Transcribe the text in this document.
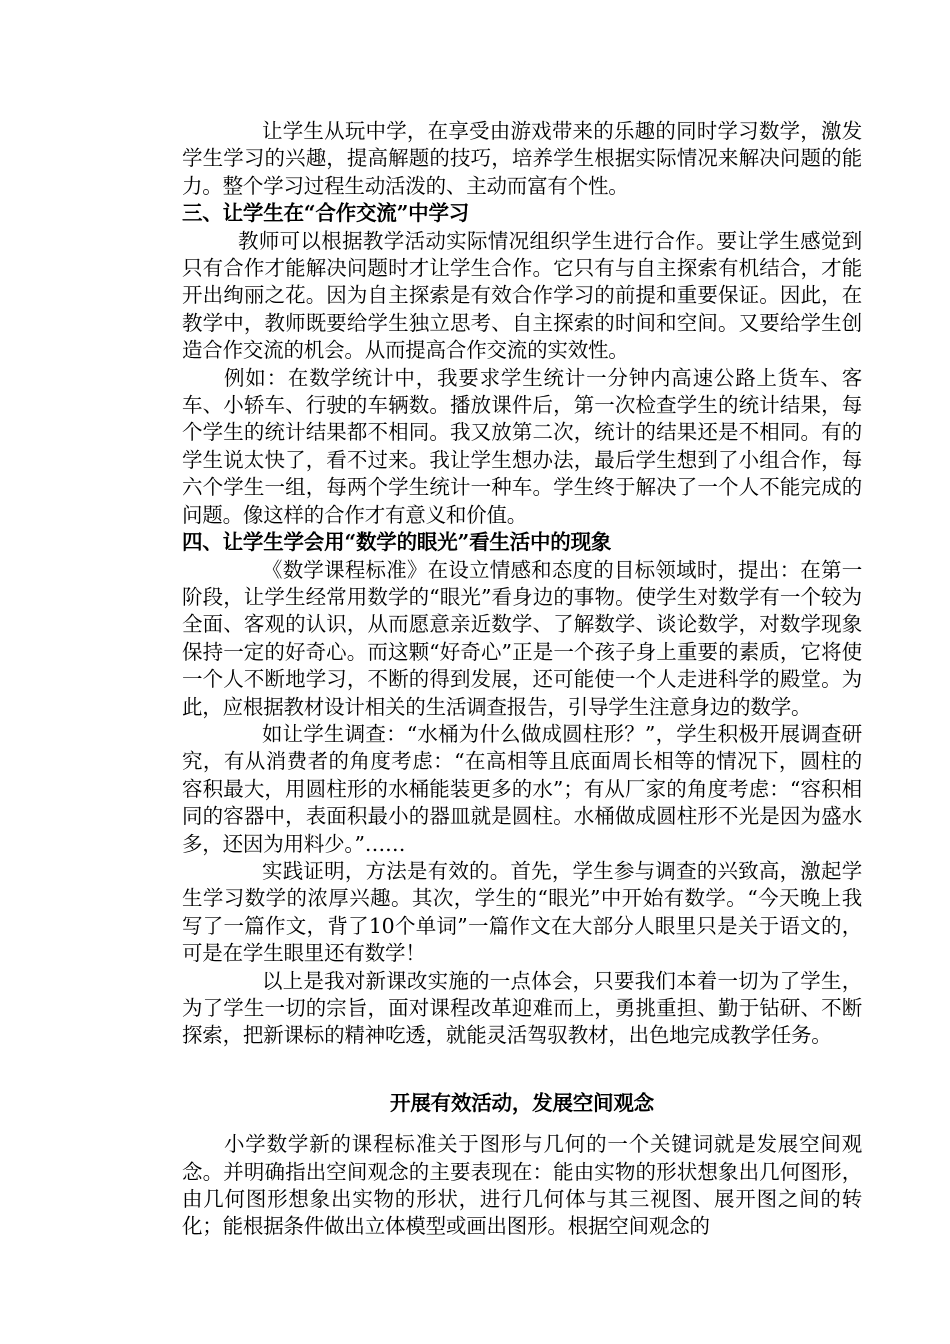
让学生从玩中学，在享受由游戏带来的乐趣的同时学习数学，激发学生学习的兴趣，提高解题的技巧，培养学生根据实际情况来解决问题的能力。整个学习过程生动活泼的、主动而富有个性。

三、让学生在“合作交流”中学习

教师可以根据教学活动实际情况组织学生进行合作。要让学生感觉到只有合作才能解决问题时才让学生合作。它只有与自主探索有机结合，才能开出绚丽之花。因为自主探索是有效合作学习的前提和重要保证。因此，在教学中，教师既要给学生独立思考、自主探索的时间和空间。又要给学生创造合作交流的机会。从而提高合作交流的实效性。

例如：在数学统计中，我要求学生统计一分钟内高速公路上货车、客车、小轿车、行驶的车辆数。播放课件后，第一次检查学生的统计结果，每个学生的统计结果都不相同。我又放第二次，统计的结果还是不相同。有的学生说太快了，看不过来。我让学生想办法，最后学生想到了小组合作，每六个学生一组，每两个学生统计一种车。学生终于解决了一个人不能完成的问题。像这样的合作才有意义和价值。

四、让学生学会用“数学的眼光”看生活中的现象

《数学课程标准》在设立情感和态度的目标领域时，提出：在第一阶段，让学生经常用数学的“眼光”看身边的事物。使学生对数学有一个较为全面、客观的认识，从而愿意亲近数学、了解数学、谈论数学，对数学现象保持一定的好奇心。而这颗“好奇心”正是一个孩子身上重要的素质，它将使一个人不断地学习，不断的得到发展，还可能使一个人走进科学的殿堂。为此，应根据教材设计相关的生活调查报告，引导学生注意身边的数学。

如让学生调查：“水桶为什么做成圆柱形？”，学生积极开展调查研究，有从消费者的角度考虑：“在高相等且底面周长相等的情况下，圆柱的容积最大，用圆柱形的水桶能装更多的水”；有从厂家的角度考虑：“容积相同的容器中，表面积最小的器皿就是圆柱。水桶做成圆柱形不光是因为盛水多，还因为用料少。”……

实践证明，方法是有效的。首先，学生参与调查的兴致高，激起学生学习数学的浓厚兴趣。其次，学生的“眼光”中开始有数学。“今天晚上我写了一篇作文，背了10个单词”一篇作文在大部分人眼里只是关于语文的，可是在学生眼里还有数学！

以上是我对新课改实施的一点体会，只要我们本着一切为了学生，为了学生一切的宗旨，面对课程改革迎难而上，勇挑重担、勤于钻研、不断探索，把新课标的精神吃透，就能灵活驾驭教材，出色地完成教学任务。

开展有效活动，发展空间观念

小学数学新的课程标准关于图形与几何的一个关键词就是发展空间观念。并明确指出空间观念的主要表现在：能由实物的形状想象出几何图形，由几何图形想象出实物的形状，进行几何体与其三视图、展开图之间的转化；能根据条件做出立体模型或画出图形。根据空间观念的
